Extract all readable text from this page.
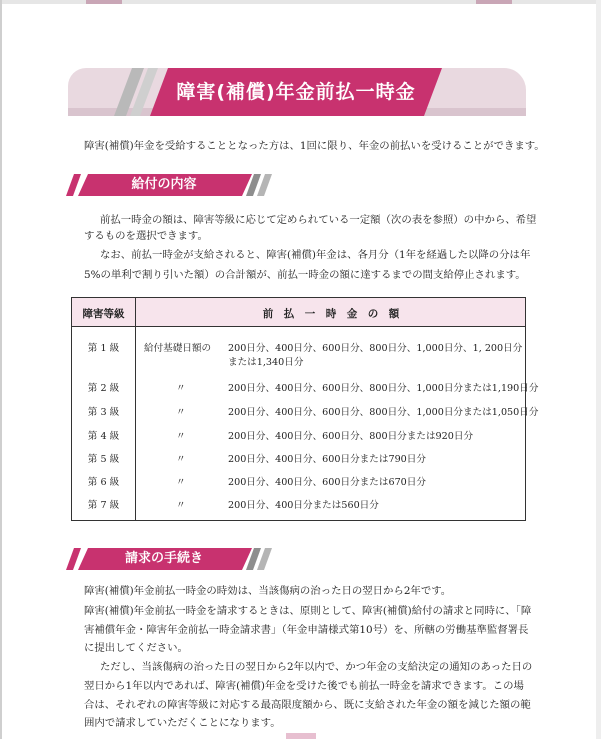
障害(補償)年金前払一時金
障害(補償)年金を受給することとなった方は、1回に限り、年金の前払いを受けることができます。
給付の内容
前払一時金の額は、障害等級に応じて定められている一定額（次の表を参照）の中から、希望
するものを選択できます。
なお、前払一時金が支給されると、障害(補償)年金は、各月分（1年を経過した以降の分は年
5%の単利で割り引いた額）の合計額が、前払一時金の額に達するまでの間支給停止されます。
障害等級	前　払　一　時　金　の　額
第 1 級	給付基礎日額の 200日分、400日分、600日分、800日分、1,000日分、1, 200日分
または1,340日分
第 2 級	〃	200日分、400日分、600日分、800日分、1,000日分または1,190日分
第 3 級	〃	200日分、400日分、600日分、800日分、1,000日分または1,050日分
第 4 級	〃	200日分、400日分、600日分、800日分または920日分
第 5 級	〃	200日分、400日分、600日分または790日分
第 6 級	〃	200日分、400日分、600日分または670日分
第 7 級	〃	200日分、400日分または560日分
請求の手続き
障害(補償)年金前払一時金の時効は、当該傷病の治った日の翌日から2年です。
障害(補償)年金前払一時金を請求するときは、原則として、障害(補償)給付の請求と同時に、「障
害補償年金・障害年金前払一時金請求書」（年金申請様式第10号）を、所轄の労働基準監督署長
に提出してください。
ただし、当該傷病の治った日の翌日から2年以内で、かつ年金の支給決定の通知のあった日の
翌日から1年以内であれば、障害(補償)年金を受けた後でも前払一時金を請求できます。この場
合は、それぞれの障害等級に対応する最高限度額から、既に支給された年金の額を減じた額の範
囲内で請求していただくことになります。
